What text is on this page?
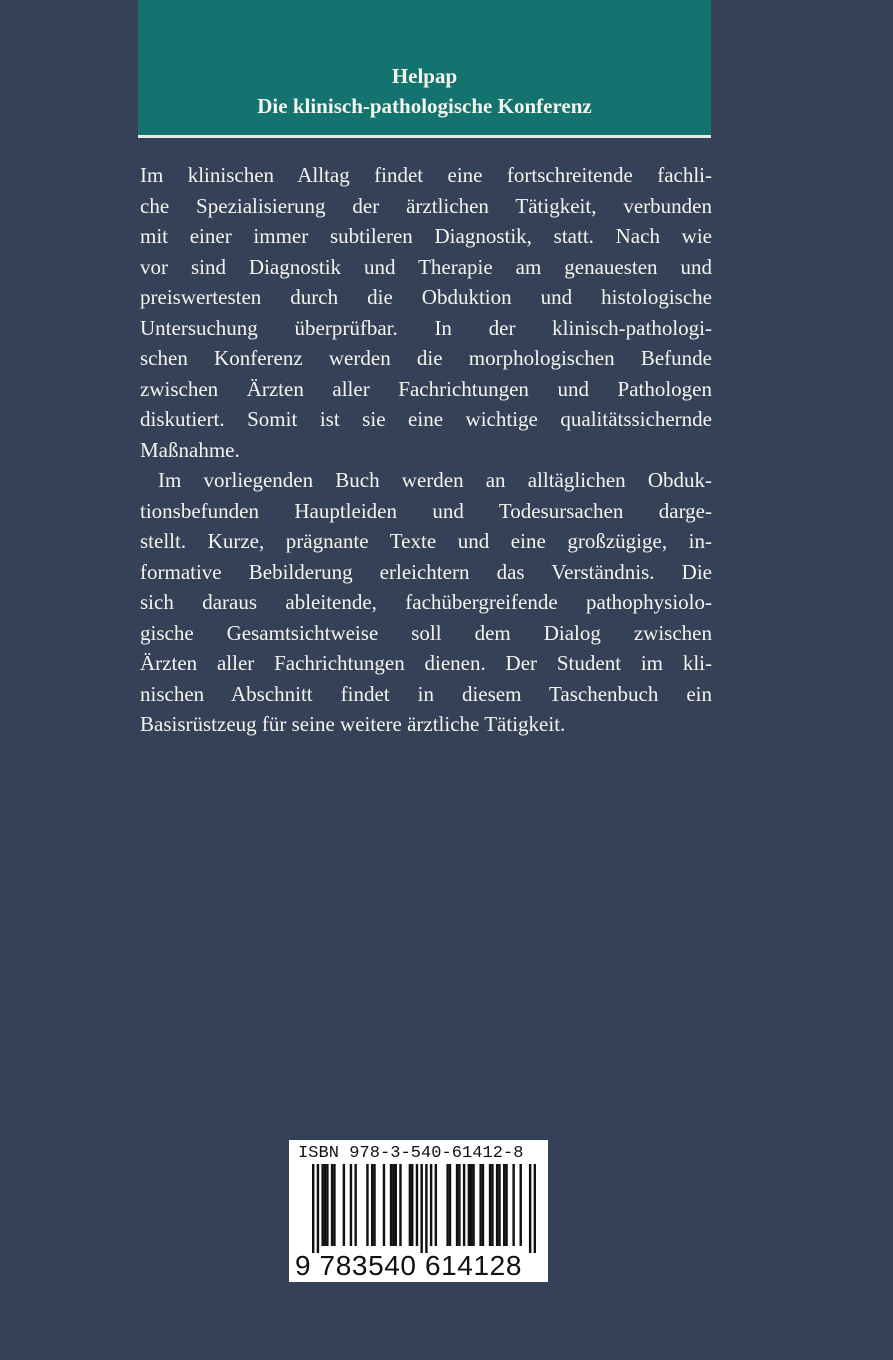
Helpap
Die klinisch-pathologische Konferenz

Im klinischen Alltag findet eine fortschreitende fachli-
che Spezialisierung der ärztlichen Tätigkeit, verbunden
mit einer immer subtileren Diagnostik, statt. Nach wie
vor sind Diagnostik und Therapie am genauesten und
preiswertesten durch die Obduktion und histologische
Untersuchung überprüfbar. In der klinisch-pathologi-
schen Konferenz werden die morphologischen Befunde
zwischen Ärzten aller Fachrichtungen und Pathologen
diskutiert. Somit ist sie eine wichtige qualitätssichernde
Maßnahme.

Im vorliegenden Buch werden an alltäglichen Obduk-
tionsbefunden Hauptleiden und Todesursachen darge-
stellt. Kurze, prägnante Texte und eine großzügige, in-
formative Bebilderung erleichtern das Verständnis. Die
sich daraus ableitende, fachübergreifende pathophysiolo-
gische Gesamtsichtweise soll dem Dialog zwischen
Ärzten aller Fachrichtungen dienen. Der Student im kli-
nischen Abschnitt findet in diesem Taschenbuch ein
Basisrüstzeug für seine weitere ärztliche Tätigkeit.

ISBN 978-3-540-61412-8
9 783540 614128
